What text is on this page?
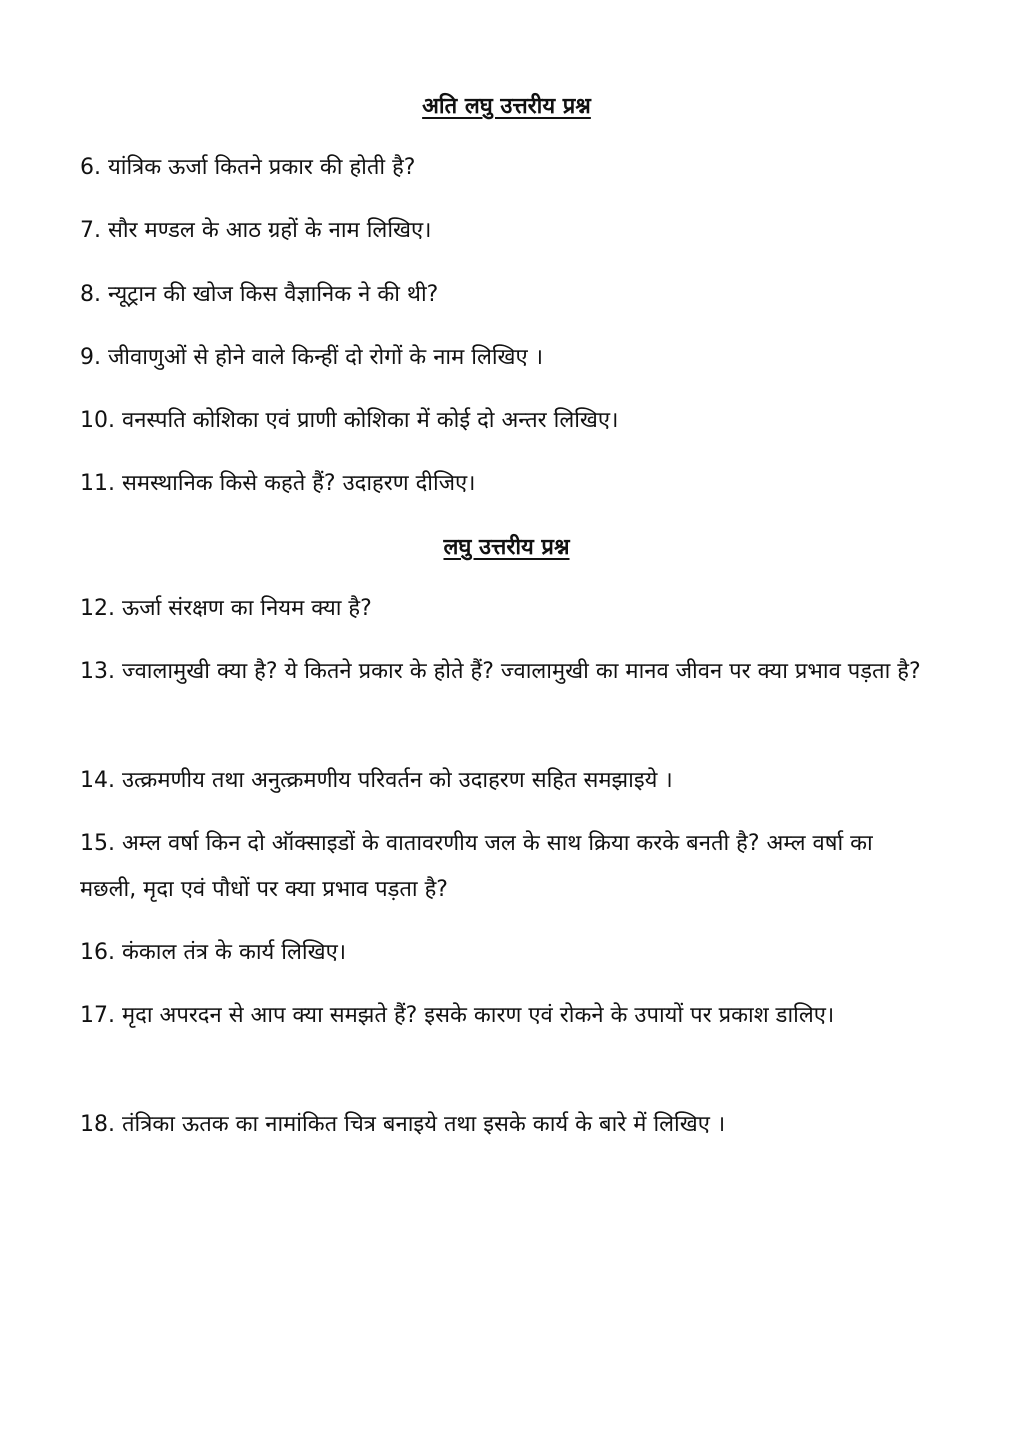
अति लघु उत्तरीय प्रश्न
6. यांत्रिक ऊर्जा कितने प्रकार की होती है?
7. सौर मण्डल के आठ ग्रहों के नाम लिखिए।
8. न्यूट्रान की खोज किस वैज्ञानिक ने की थी?
9. जीवाणुओं से होने वाले किन्हीं दो रोगों के नाम लिखिए ।
10. वनस्पति कोशिका एवं प्राणी कोशिका में कोई दो अन्तर लिखिए।
11. समस्थानिक किसे कहते हैं? उदाहरण दीजिए।
लघु उत्तरीय प्रश्न
12. ऊर्जा संरक्षण का नियम क्या है?
13. ज्वालामुखी क्या है? ये कितने प्रकार के होते हैं? ज्वालामुखी का मानव जीवन पर क्या प्रभाव पड़ता है?
14. उत्क्रमणीय तथा अनुत्क्रमणीय परिवर्तन को उदाहरण सहित समझाइये ।
15. अम्ल वर्षा किन दो ऑक्साइडों के वातावरणीय जल के साथ क्रिया करके बनती है? अम्ल वर्षा का मछली, मृदा एवं पौधों पर क्या प्रभाव पड़ता है?
16. कंकाल तंत्र के कार्य लिखिए।
17. मृदा अपरदन से आप क्या समझते हैं? इसके कारण एवं रोकने के उपायों पर प्रकाश डालिए।
18. तंत्रिका ऊतक का नामांकित चित्र बनाइये तथा इसके कार्य के बारे में लिखिए ।
